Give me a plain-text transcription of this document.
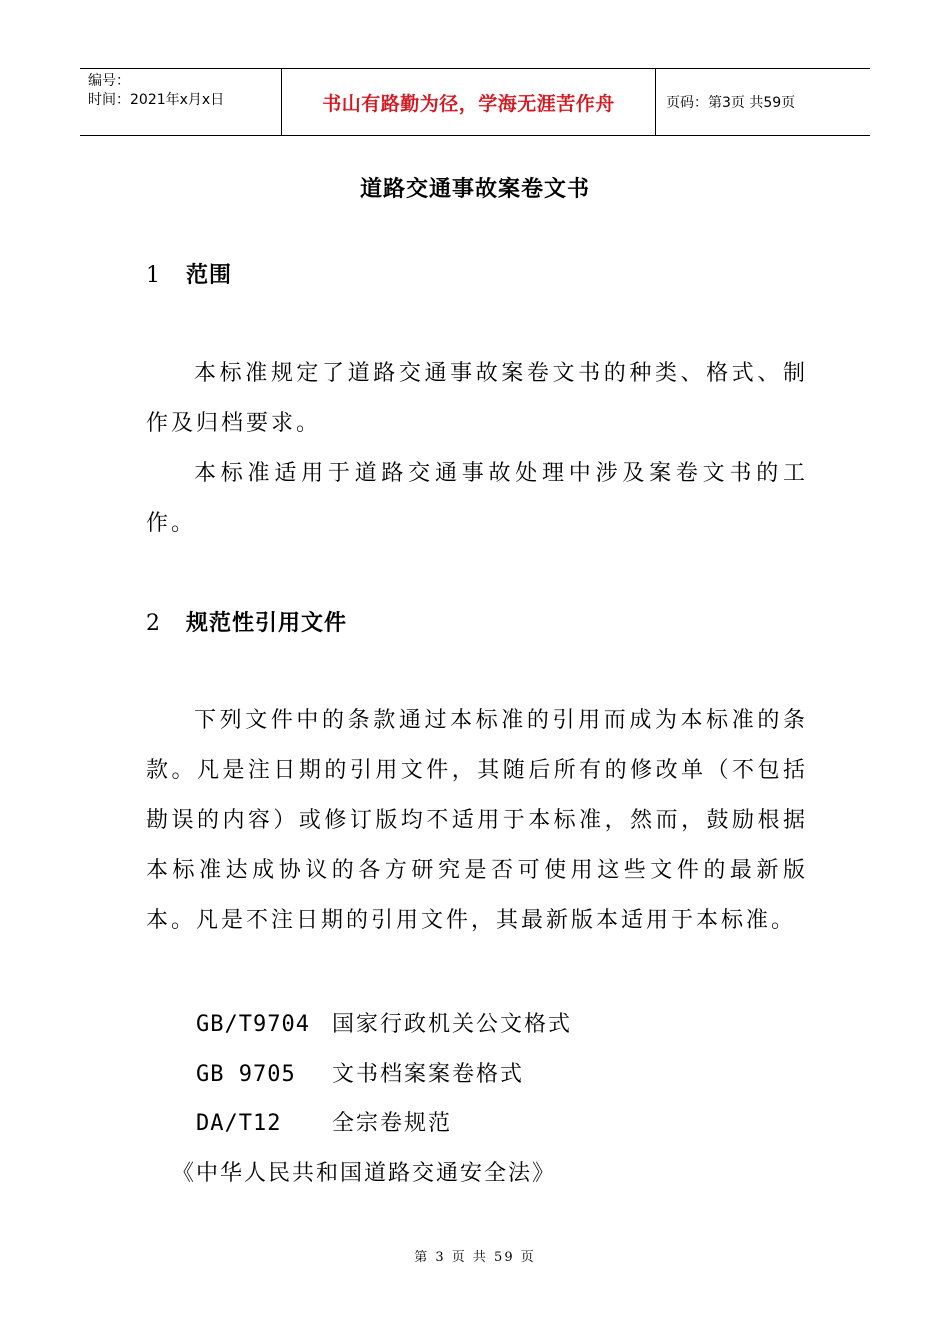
编号：
时间：2021年x月x日	书山有路勤为径，学海无涯苦作舟	页码：第3页 共59页
道路交通事故案卷文书
1 范围

本标准规定了道路交通事故案卷文书的种类、格式、制作及归档要求。

本标准适用于道路交通事故处理中涉及案卷文书的工作。

2 规范性引用文件

下列文件中的条款通过本标准的引用而成为本标准的条款。凡是注日期的引用文件，其随后所有的修改单（不包括勘误的内容）或修订版均不适用于本标准，然而，鼓励根据本标准达成协议的各方研究是否可使用这些文件的最新版本。凡是不注日期的引用文件，其最新版本适用于本标准。

GB/T9704 国家行政机关公文格式
GB 9705 文书档案案卷格式
DA/T12 全宗卷规范
《中华人民共和国道路交通安全法》
第 3 页 共 59 页
